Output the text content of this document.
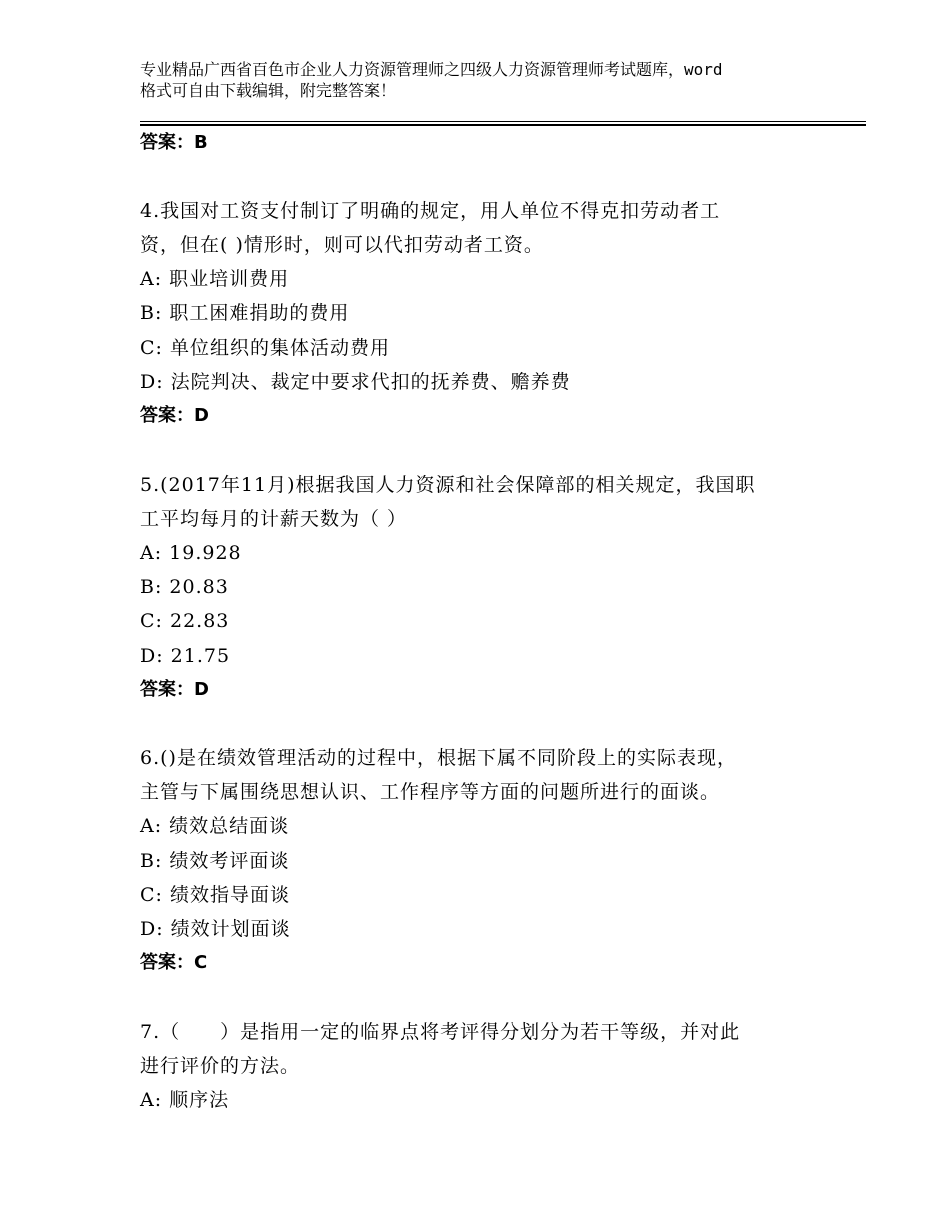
专业精品广西省百色市企业人力资源管理师之四级人力资源管理师考试题库，word
格式可自由下载编辑，附完整答案！
答案：B
4.我国对工资支付制订了明确的规定，用人单位不得克扣劳动者工
资，但在( )情形时，则可以代扣劳动者工资。
A: 职业培训费用
B: 职工困难捐助的费用
C: 单位组织的集体活动费用
D: 法院判决、裁定中要求代扣的抚养费、赡养费
答案：D
5.(2017年11月)根据我国人力资源和社会保障部的相关规定，我国职
工平均每月的计薪天数为（ ）
A: 19.928
B: 20.83
C: 22.83
D: 21.75
答案：D
6.()是在绩效管理活动的过程中，根据下属不同阶段上的实际表现，
主管与下属围绕思想认识、工作程序等方面的问题所进行的面谈。
A: 绩效总结面谈
B: 绩效考评面谈
C: 绩效指导面谈
D: 绩效计划面谈
答案：C
7.（　　）是指用一定的临界点将考评得分划分为若干等级，并对此
进行评价的方法。
A: 顺序法
